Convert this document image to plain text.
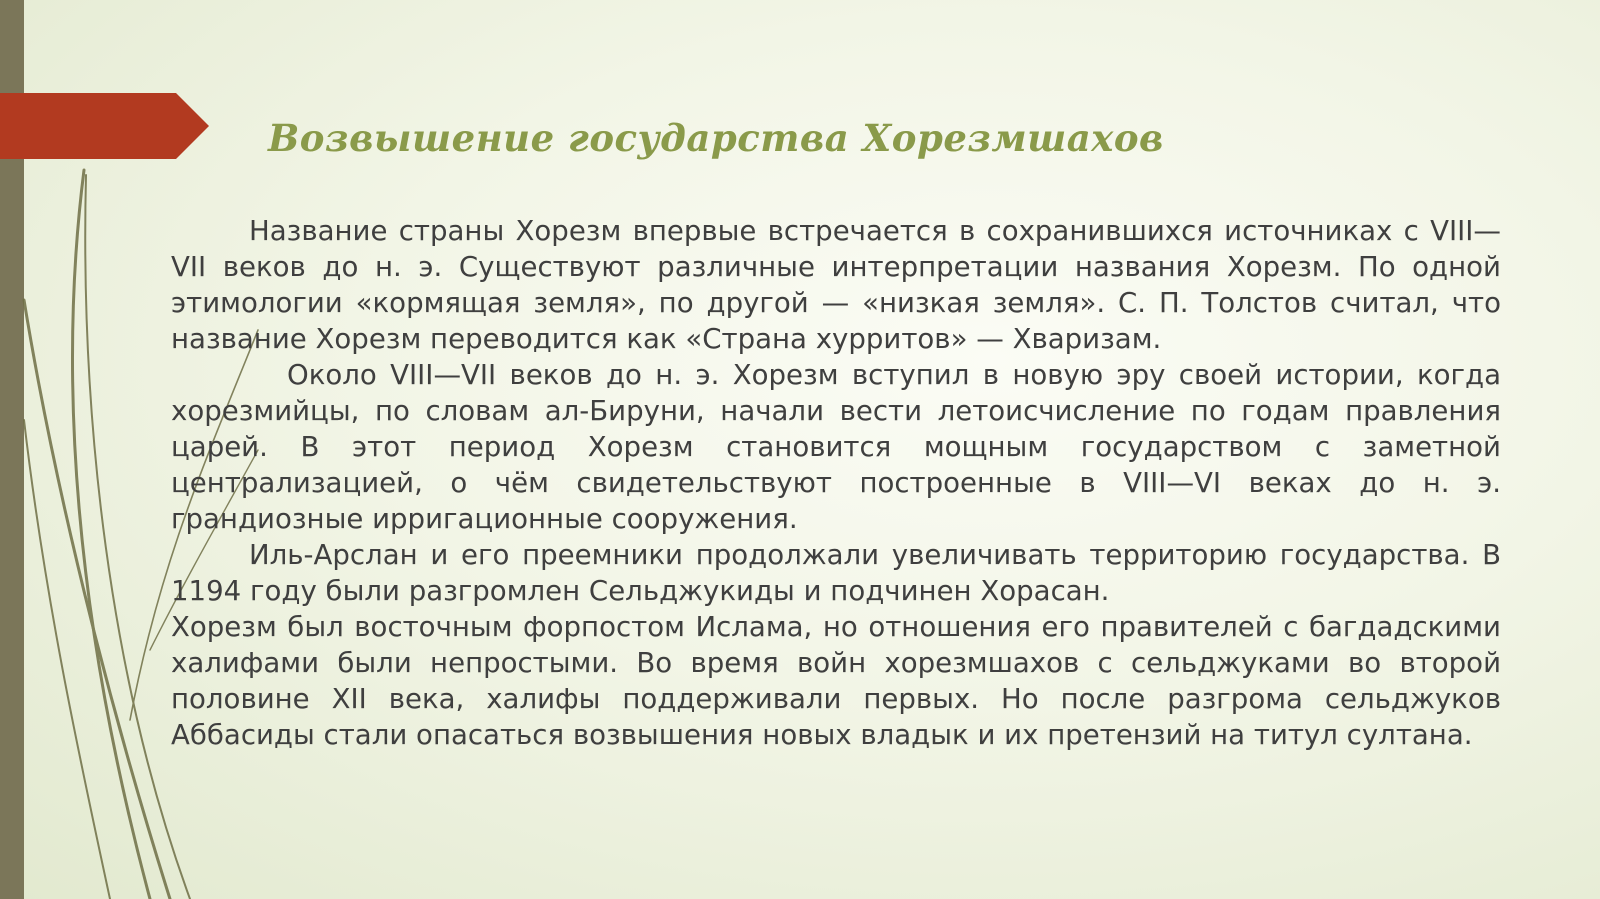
Возвышение государства Хорезмшахов

Название страны Хорезм впервые встречается в сохранившихся источниках с VIII—VII веков до н. э. Существуют различные интерпретации названия Хорезм. По одной этимологии «кормящая земля», по другой — «низкая земля». С. П. Толстов считал, что название Хорезм переводится как «Страна хурритов» — Хваризам.

Около VIII—VII веков до н. э. Хорезм вступил в новую эру своей истории, когда хорезмийцы, по словам ал-Бируни, начали вести летоисчисление по годам правления царей. В этот период Хорезм становится мощным государством с заметной централизацией, о чём свидетельствуют построенные в VIII—VI веках до н. э. грандиозные ирригационные сооружения.

Иль-Арслан и его преемники продолжали увеличивать территорию государства. В 1194 году были разгромлен Сельджукиды и подчинен Хорасан.

Хорезм был восточным форпостом Ислама, но отношения его правителей с багдадскими халифами были непростыми. Во время войн хорезмшахов с сельджуками во второй половине XII века, халифы поддерживали первых. Но после разгрома сельджуков Аббасиды стали опасаться возвышения новых владык и их претензий на титул султана.
